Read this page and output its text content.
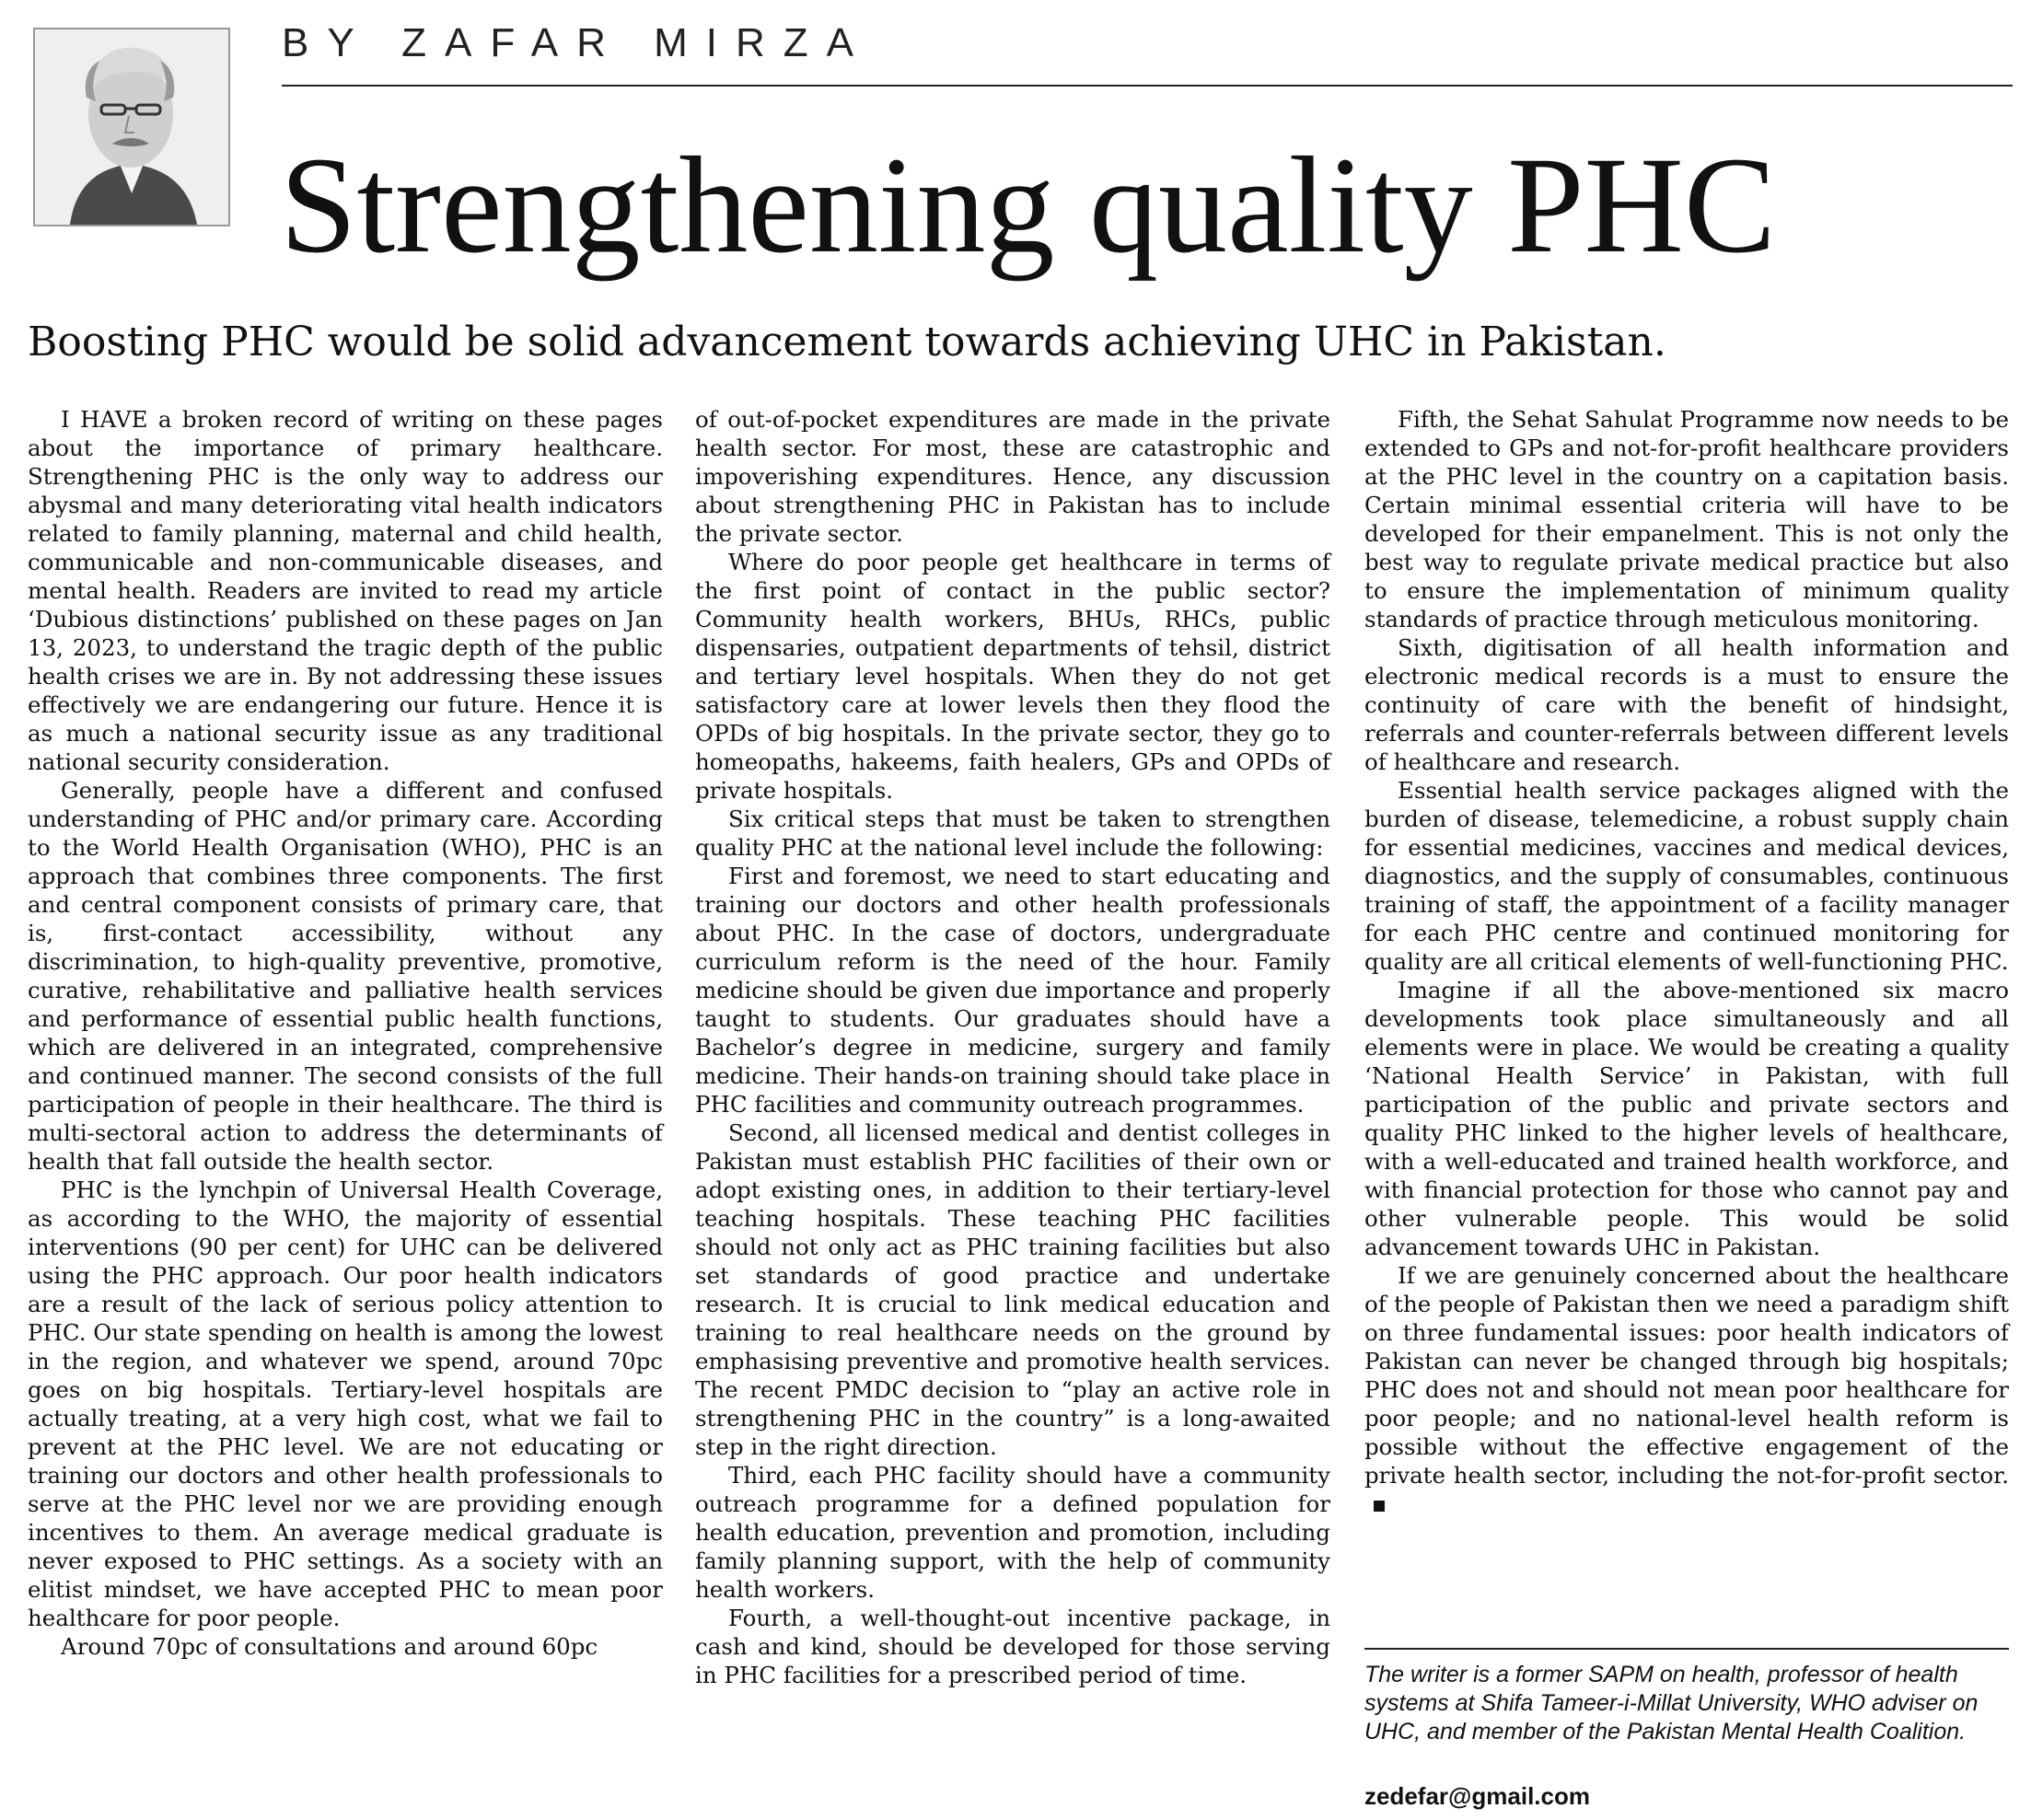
BY ZAFAR MIRZA
Strengthening quality PHC
Boosting PHC would be solid advancement towards achieving UHC in Pakistan.

I HAVE a broken record of writing on these pages about the importance of primary healthcare. Strengthening PHC is the only way to address our abysmal and many deteriorating vital health indicators related to family planning, maternal and child health, communicable and non-communicable diseases, and mental health. Readers are invited to read my article ‘Dubious distinctions’ published on these pages on Jan 13, 2023, to understand the tragic depth of the public health crises we are in. By not addressing these issues effectively we are endangering our future. Hence it is as much a national security issue as any traditional national security consideration.

Generally, people have a different and confused understanding of PHC and/or primary care. According to the World Health Organisation (WHO), PHC is an approach that combines three components. The first and central component consists of primary care, that is, first-contact accessibility, without any discrimination, to high-quality preventive, promotive, curative, rehabilitative and palliative health services and performance of essential public health functions, which are delivered in an integrated, comprehensive and continued manner. The second consists of the full participation of people in their healthcare. The third is multi-sectoral action to address the determinants of health that fall outside the health sector.

PHC is the lynchpin of Universal Health Coverage, as according to the WHO, the majority of essential interventions (90 per cent) for UHC can be delivered using the PHC approach. Our poor health indicators are a result of the lack of serious policy attention to PHC. Our state spending on health is among the lowest in the region, and whatever we spend, around 70pc goes on big hospitals. Tertiary-level hospitals are actually treating, at a very high cost, what we fail to prevent at the PHC level. We are not educating or training our doctors and other health professionals to serve at the PHC level nor we are providing enough incentives to them. An average medical graduate is never exposed to PHC settings. As a society with an elitist mindset, we have accepted PHC to mean poor healthcare for poor people.

Around 70pc of consultations and around 60pc

of out-of-pocket expenditures are made in the private health sector. For most, these are catastrophic and impoverishing expenditures. Hence, any discussion about strengthening PHC in Pakistan has to include the private sector.

Where do poor people get healthcare in terms of the first point of contact in the public sector? Community health workers, BHUs, RHCs, public dispensaries, outpatient departments of tehsil, district and tertiary level hospitals. When they do not get satisfactory care at lower levels then they flood the OPDs of big hospitals. In the private sector, they go to homeopaths, hakeems, faith healers, GPs and OPDs of private hospitals.

Six critical steps that must be taken to strengthen quality PHC at the national level include the following:

First and foremost, we need to start educating and training our doctors and other health professionals about PHC. In the case of doctors, undergraduate curriculum reform is the need of the hour. Family medicine should be given due importance and properly taught to students. Our graduates should have a Bachelor’s degree in medicine, surgery and family medicine. Their hands-on training should take place in PHC facilities and community outreach programmes.

Second, all licensed medical and dentist colleges in Pakistan must establish PHC facilities of their own or adopt existing ones, in addition to their tertiary-level teaching hospitals. These teaching PHC facilities should not only act as PHC training facilities but also set standards of good practice and undertake research. It is crucial to link medical education and training to real healthcare needs on the ground by emphasising preventive and promotive health services. The recent PMDC decision to “play an active role in strengthening PHC in the country” is a long-awaited step in the right direction.

Third, each PHC facility should have a community outreach programme for a defined population for health education, prevention and promotion, including family planning support, with the help of community health workers.

Fourth, a well-thought-out incentive package, in cash and kind, should be developed for those serving in PHC facilities for a prescribed period of time.

Fifth, the Sehat Sahulat Programme now needs to be extended to GPs and not-for-profit healthcare providers at the PHC level in the country on a capitation basis. Certain minimal essential criteria will have to be developed for their empanelment. This is not only the best way to regulate private medical practice but also to ensure the implementation of minimum quality standards of practice through meticulous monitoring.

Sixth, digitisation of all health information and electronic medical records is a must to ensure the continuity of care with the benefit of hindsight, referrals and counter-referrals between different levels of healthcare and research.

Essential health service packages aligned with the burden of disease, telemedicine, a robust supply chain for essential medicines, vaccines and medical devices, diagnostics, and the supply of consumables, continuous training of staff, the appointment of a facility manager for each PHC centre and continued monitoring for quality are all critical elements of well-functioning PHC.

Imagine if all the above-mentioned six macro developments took place simultaneously and all elements were in place. We would be creating a quality ‘National Health Service’ in Pakistan, with full participation of the public and private sectors and quality PHC linked to the higher levels of healthcare, with a well-educated and trained health workforce, and with financial protection for those who cannot pay and other vulnerable people. This would be solid advancement towards UHC in Pakistan.

If we are genuinely concerned about the healthcare of the people of Pakistan then we need a paradigm shift on three fundamental issues: poor health indicators of Pakistan can never be changed through big hospitals; PHC does not and should not mean poor healthcare for poor people; and no national-level health reform is possible without the effective engagement of the private health sector, including the not-for-profit sector.

The writer is a former SAPM on health, professor of health systems at Shifa Tameer-i-Millat University, WHO adviser on UHC, and member of the Pakistan Mental Health Coalition.

zedefar@gmail.com
